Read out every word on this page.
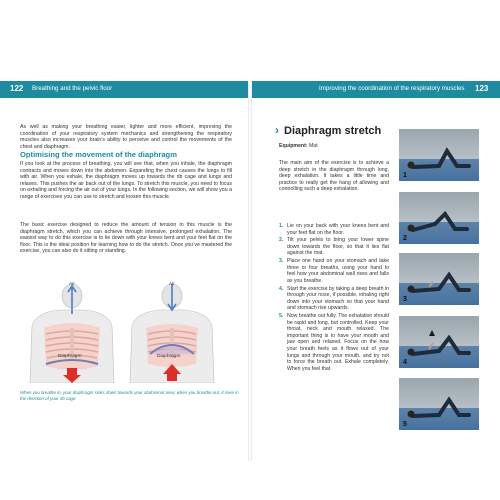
122 Breathing and the pelvic floor	Improving the coordination of the respiratory muscles 123
As well as making your breathing easier, lighter and more efficient, improving the coordination of your respiratory system mechanics and strengthening the respiratory muscles also increases your brain’s ability to perceive and control the movements of the chest and diaphragm.
Optimising the movement of the diaphragm
If you look at the process of breathing, you will see that, when you inhale, the diaphragm contracts and moves down into the abdomen. Expanding the chest causes the lungs to fill with air. When you exhale, the diaphragm moves up towards the rib cage and lungs and relaxes. This pushes the air back out of the lungs. To stretch this muscle, you need to focus on exhaling and forcing the air out of your lungs. In the following section, we will show you a range of exercises you can use to stretch and loosen this muscle.
The basic exercise designed to reduce the amount of tension in this muscle is the diaphragm stretch, which you can achieve through intensive, prolonged exhalation. The easiest way to do this exercise is to lie down with your knees bent and your feet flat on the floor. This is the ideal position for learning how to do the stretch. Once you’ve mastered the exercise, you can also do it sitting or standing.
Air
Diaphragm
Air
Diaphragm
When you breathe in, your diaphragm sinks down towards your abdominal area; when you breathe out, it rises in the direction of your rib cage.
› Diaphragm stretch
Equipment: Mat
The main aim of the exercise is to achieve a deep stretch in the diaphragm through long, deep exhalation. It takes a little time and practice to really get the hang of allowing and controlling such a deep exhalation.
1. Lie on your back with your knees bent and your feet flat on the floor.
2. Tilt your pelvis to bring your lower spine down towards the floor, so that it lies flat against the mat.
3. Place one hand on your stomach and take three or four breaths, using your hand to feel how your abdominal wall rises and falls as you breathe.
4. Start the exercise by taking a deep breath in through your nose, if possible, inhaling right down into your stomach so that your hand and stomach rise upwards.
5. Now breathe out fully. The exhalation should be rapid and long, but controlled. Keep your throat, neck and mouth relaxed. The important thing is to have your mouth and jaw open and relaxed. Focus on the how your breath feels as it flows out of your lungs and through your mouth, and try not to force the breath out. Exhale completely. When you feel that
1
2
3
4
5
